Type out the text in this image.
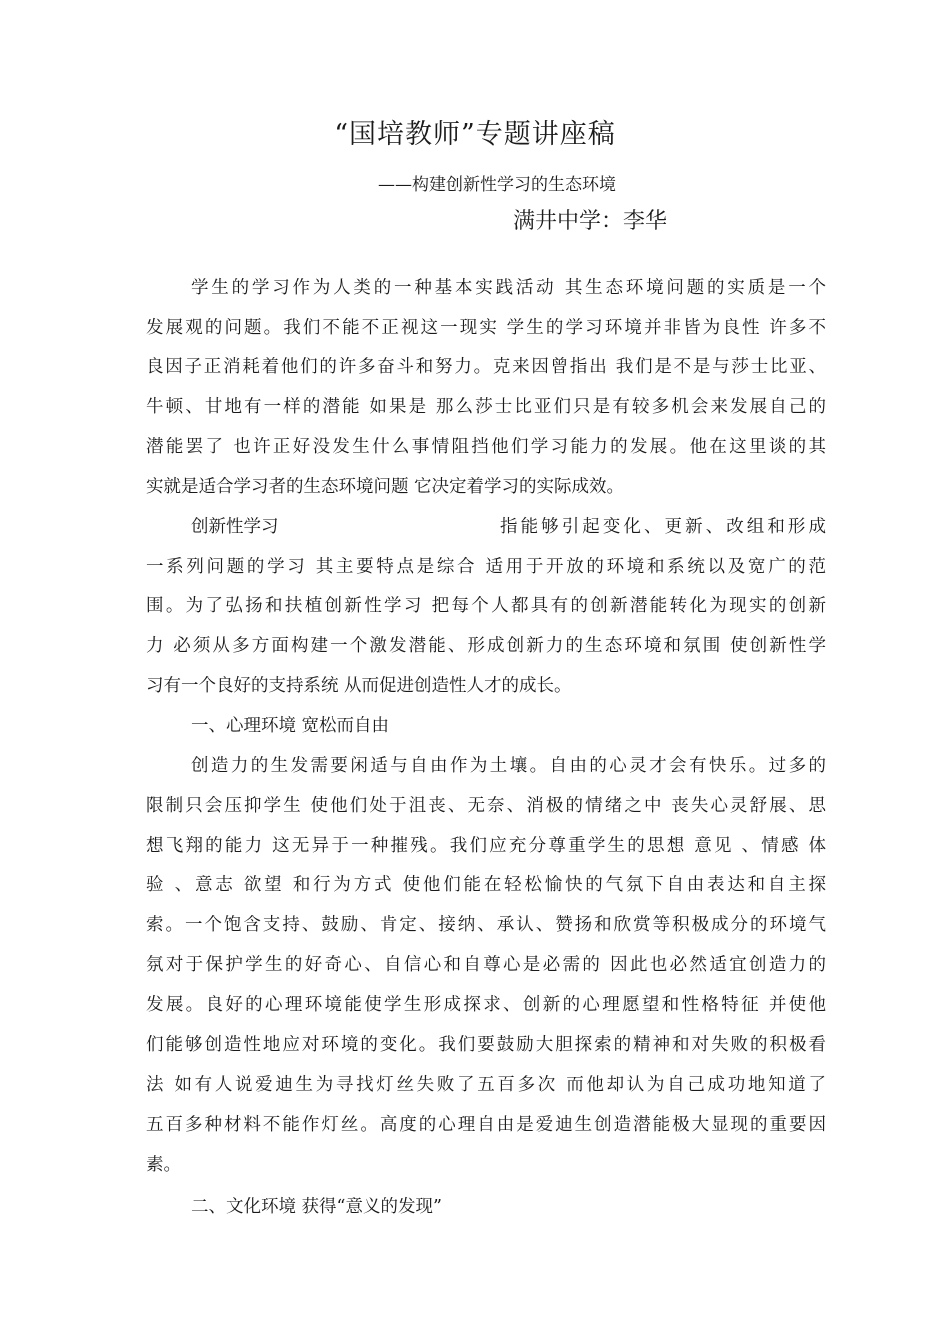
“国培教师”专题讲座稿
——构建创新性学习的生态环境
满井中学：李华
学生的学习作为人类的一种基本实践活动 其生态环境问题的实质是一个
发展观的问题。我们不能不正视这一现实 学生的学习环境并非皆为良性 许多不
良因子正消耗着他们的许多奋斗和努力。克来因曾指出 我们是不是与莎士比亚、
牛顿、甘地有一样的潜能 如果是 那么莎士比亚们只是有较多机会来发展自己的
潜能罢了 也许正好没发生什么事情阻挡他们学习能力的发展。他在这里谈的其
实就是适合学习者的生态环境问题 它决定着学习的实际成效。
创新性学习	指能够引起变化、更新、改组和形成
一系列问题的学习 其主要特点是综合 适用于开放的环境和系统以及宽广的范
围。为了弘扬和扶植创新性学习 把每个人都具有的创新潜能转化为现实的创新
力 必须从多方面构建一个激发潜能、形成创新力的生态环境和氛围 使创新性学
习有一个良好的支持系统 从而促进创造性人才的成长。
一、心理环境 宽松而自由
创造力的生发需要闲适与自由作为土壤。自由的心灵才会有快乐。过多的
限制只会压抑学生 使他们处于沮丧、无奈、消极的情绪之中 丧失心灵舒展、思
想飞翔的能力 这无异于一种摧残。我们应充分尊重学生的思想 意见 、情感 体
验 、意志 欲望 和行为方式 使他们能在轻松愉快的气氛下自由表达和自主探
索。一个饱含支持、鼓励、肯定、接纳、承认、赞扬和欣赏等积极成分的环境气
氛对于保护学生的好奇心、自信心和自尊心是必需的 因此也必然适宜创造力的
发展。良好的心理环境能使学生形成探求、创新的心理愿望和性格特征 并使他
们能够创造性地应对环境的变化。我们要鼓励大胆探索的精神和对失败的积极看
法 如有人说爱迪生为寻找灯丝失败了五百多次 而他却认为自己成功地知道了
五百多种材料不能作灯丝。高度的心理自由是爱迪生创造潜能极大显现的重要因
素。
二、文化环境 获得“意义的发现”
